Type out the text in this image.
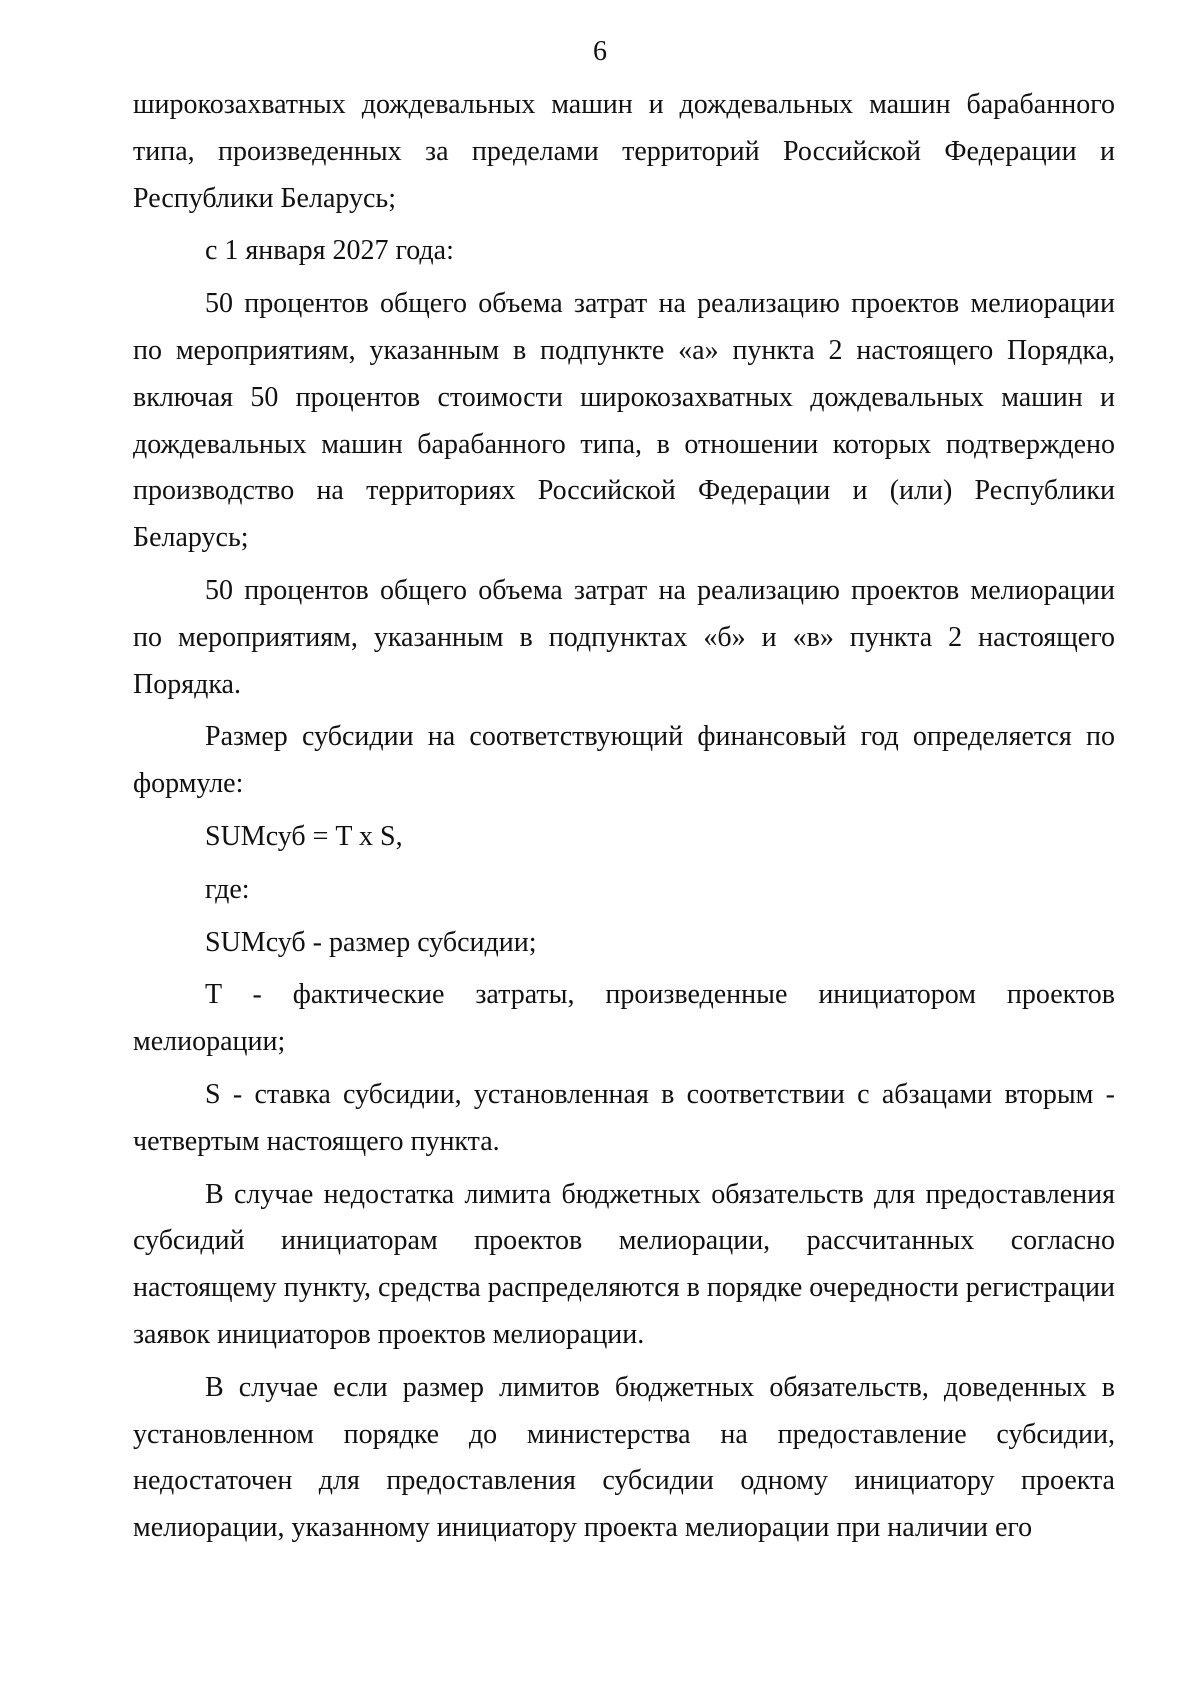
6

широкозахватных дождевальных машин и дождевальных машин барабанного типа, произведенных за пределами территорий Российской Федерации и Республики Беларусь;

с 1 января 2027 года:

50 процентов общего объема затрат на реализацию проектов мелиорации по мероприятиям, указанным в подпункте «а» пункта 2 настоящего Порядка, включая 50 процентов стоимости широкозахватных дождевальных машин и дождевальных машин барабанного типа, в отношении которых подтверждено производство на территориях Российской Федерации и (или) Республики Беларусь;

50 процентов общего объема затрат на реализацию проектов мелиорации по мероприятиям, указанным в подпунктах «б» и «в» пункта 2 настоящего Порядка.

Размер субсидии на соответствующий финансовый год определяется по формуле:

SUMсуб = T x S,

где:

SUMсуб - размер субсидии;

T - фактические затраты, произведенные инициатором проектов мелиорации;

S - ставка субсидии, установленная в соответствии с абзацами вторым - четвертым настоящего пункта.

В случае недостатка лимита бюджетных обязательств для предоставления субсидий инициаторам проектов мелиорации, рассчитанных согласно настоящему пункту, средства распределяются в порядке очередности регистрации заявок инициаторов проектов мелиорации.

В случае если размер лимитов бюджетных обязательств, доведенных в установленном порядке до министерства на предоставление субсидии, недостаточен для предоставления субсидии одному инициатору проекта мелиорации, указанному инициатору проекта мелиорации при наличии его
